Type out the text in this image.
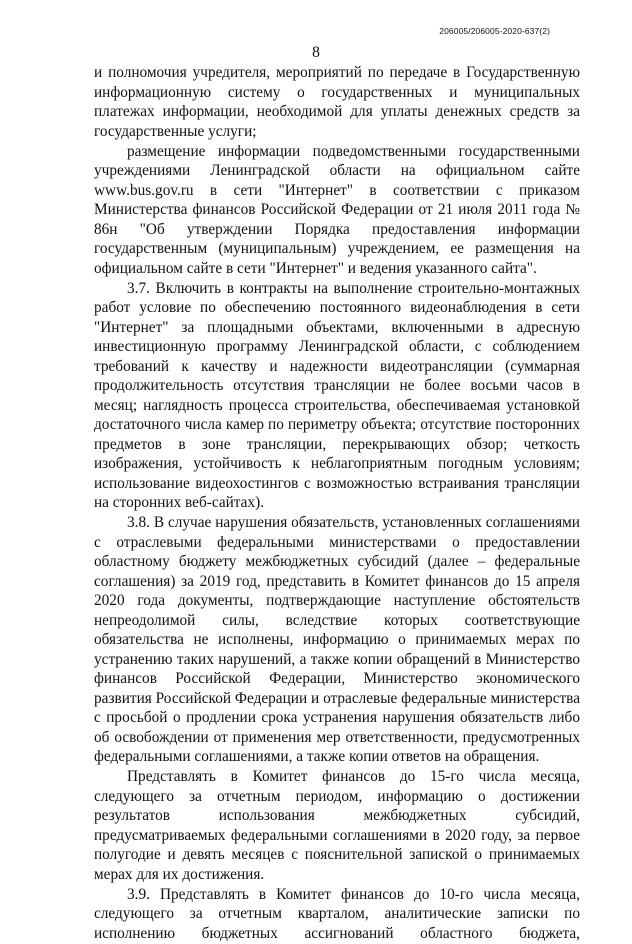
206005/206005-2020-637(2)
8

и полномочия учредителя, мероприятий по передаче в Государственную информационную систему о государственных и муниципальных платежах информации, необходимой для уплаты денежных средств за государственные услуги;

размещение информации подведомственными государственными учреждениями Ленинградской области на официальном сайте www.bus.gov.ru в сети "Интернет" в соответствии с приказом Министерства финансов Российской Федерации от 21 июля 2011 года № 86н "Об утверждении Порядка предоставления информации государственным (муниципальным) учреждением, ее размещения на официальном сайте в сети "Интернет" и ведения указанного сайта".

3.7. Включить в контракты на выполнение строительно-монтажных работ условие по обеспечению постоянного видеонаблюдения в сети "Интернет" за площадными объектами, включенными в адресную инвестиционную программу Ленинградской области, с соблюдением требований к качеству и надежности видеотрансляции (суммарная продолжительность отсутствия трансляции не более восьми часов в месяц; наглядность процесса строительства, обеспечиваемая установкой достаточного числа камер по периметру объекта; отсутствие посторонних предметов в зоне трансляции, перекрывающих обзор; четкость изображения, устойчивость к неблагоприятным погодным условиям; использование видеохостингов с возможностью встраивания трансляции на сторонних веб-сайтах).

3.8. В случае нарушения обязательств, установленных соглашениями с отраслевыми федеральными министерствами о предоставлении областному бюджету межбюджетных субсидий (далее – федеральные соглашения) за 2019 год, представить в Комитет финансов до 15 апреля 2020 года документы, подтверждающие наступление обстоятельств непреодолимой силы, вследствие которых соответствующие обязательства не исполнены, информацию о принимаемых мерах по устранению таких нарушений, а также копии обращений в Министерство финансов Российской Федерации, Министерство экономического развития Российской Федерации и отраслевые федеральные министерства с просьбой о продлении срока устранения нарушения обязательств либо об освобождении от применения мер ответственности, предусмотренных федеральными соглашениями, а также копии ответов на обращения.

Представлять в Комитет финансов до 15-го числа месяца, следующего за отчетным периодом, информацию о достижении результатов использования межбюджетных субсидий, предусматриваемых федеральными соглашениями в 2020 году, за первое полугодие и девять месяцев с пояснительной запиской о принимаемых мерах для их достижения.

3.9. Представлять в Комитет финансов до 10-го числа месяца, следующего за отчетным кварталом, аналитические записки по исполнению бюджетных ассигнований областного бюджета,
